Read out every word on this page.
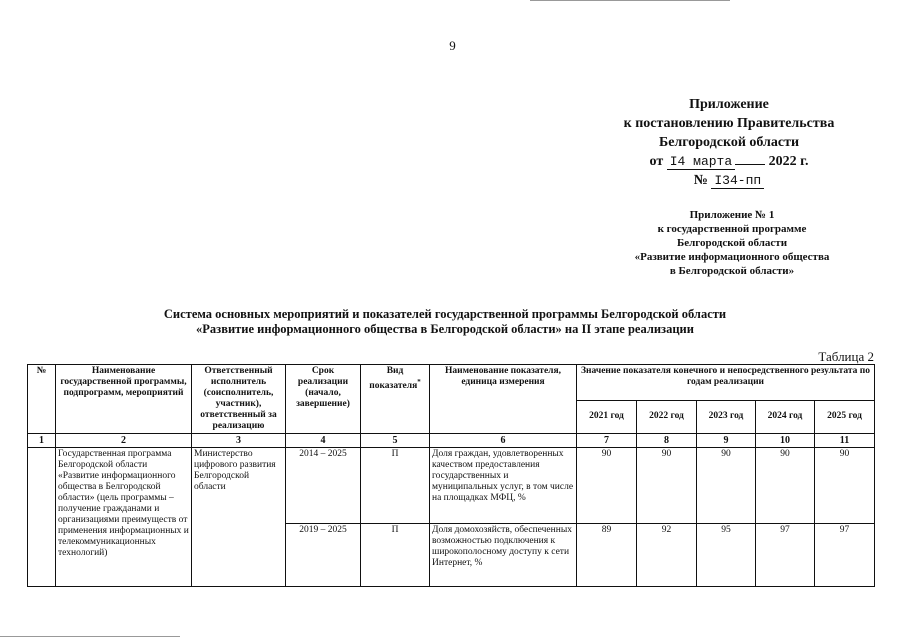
9
Приложение
к постановлению Правительства
Белгородской области
от I4 марта	2022 г.
№ I34-пп
Приложение № 1
к государственной программе
Белгородской области
«Развитие информационного общества
в Белгородской области»
Система основных мероприятий и показателей государственной программы Белгородской области
«Развитие информационного общества в Белгородской области» на II этапе реализации
Таблица 2
№	Наименование государственной программы, подпрограмм, мероприятий	Ответственный исполнитель (соисполнитель, участник), ответственный за реализацию	Срок реализации (начало, завершение)	Вид показателя*	Наименование показателя, единица измерения	Значение показателя конечного и непосредственного результата по годам реализации				
						2021 год	2022 год	2023 год	2024 год	2025 год
1	2	3	4	5	6	7	8	9	10	11
	Государственная программа Белгородской области «Развитие информационного общества в Белгородской области» (цель программы – получение гражданами и организациями преимуществ от применения информационных и телекоммуникационных технологий)	Министерство цифрового развития Белгородской области	2014 – 2025	П	Доля граждан, удовлетворенных качеством предоставления государственных и муниципальных услуг, в том числе на площадках МФЦ, %	90	90	90	90	90
			2019 – 2025	П	Доля домохозяйств, обеспеченных возможностью подключения к широкополосному доступу к сети Интернет, %	89	92	95	97	97
